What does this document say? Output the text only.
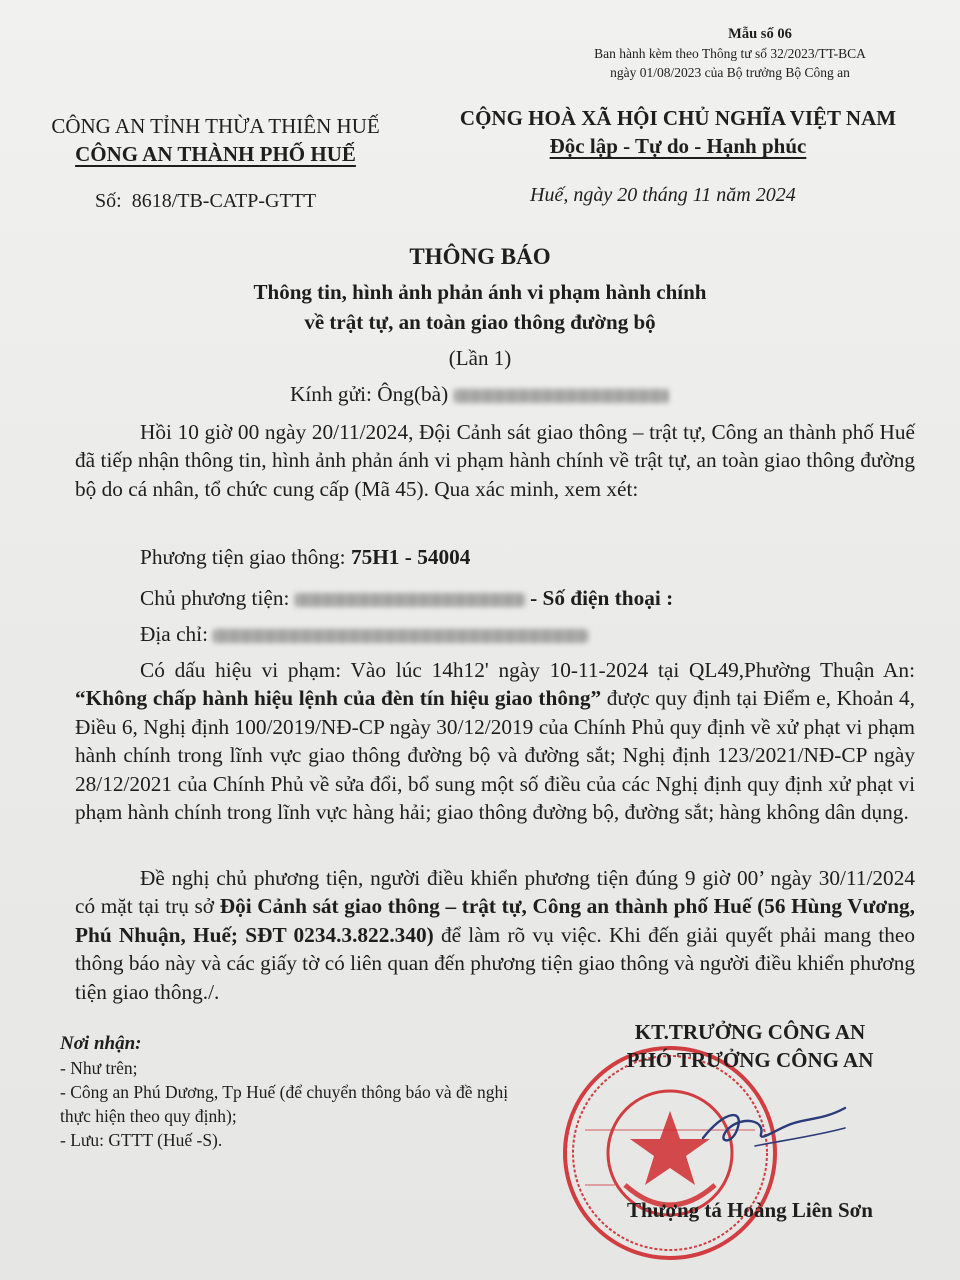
Mẫu số 06
Ban hành kèm theo Thông tư số 32/2023/TT-BCA
ngày 01/08/2023 của Bộ trưởng Bộ Công an
CÔNG AN TỈNH THỪA THIÊN HUẾ
CÔNG AN THÀNH PHỐ HUẾ
CỘNG HOÀ XÃ HỘI CHỦ NGHĨA VIỆT NAM
Độc lập - Tự do - Hạnh phúc
Số: 8618/TB-CATP-GTTT	Huế, ngày 20 tháng 11 năm 2024
THÔNG BÁO
Thông tin, hình ảnh phản ánh vi phạm hành chính
về trật tự, an toàn giao thông đường bộ
(Lần 1)
Kính gửi: Ông(bà)
Hồi 10 giờ 00 ngày 20/11/2024, Đội Cảnh sát giao thông – trật tự, Công an thành phố Huế đã tiếp nhận thông tin, hình ảnh phản ánh vi phạm hành chính về trật tự, an toàn giao thông đường bộ do cá nhân, tổ chức cung cấp (Mã 45). Qua xác minh, xem xét:
Phương tiện giao thông: 75H1 - 54004
Chủ phương tiện:	- Số điện thoại :
Địa chỉ:
Có dấu hiệu vi phạm: Vào lúc 14h12' ngày 10-11-2024 tại QL49,Phường Thuận An: “Không chấp hành hiệu lệnh của đèn tín hiệu giao thông” được quy định tại Điểm e, Khoản 4, Điều 6, Nghị định 100/2019/NĐ-CP ngày 30/12/2019 của Chính Phủ quy định về xử phạt vi phạm hành chính trong lĩnh vực giao thông đường bộ và đường sắt; Nghị định 123/2021/NĐ-CP ngày 28/12/2021 của Chính Phủ về sửa đổi, bổ sung một số điều của các Nghị định quy định xử phạt vi phạm hành chính trong lĩnh vực hàng hải; giao thông đường bộ, đường sắt; hàng không dân dụng.
Đề nghị chủ phương tiện, người điều khiển phương tiện đúng 9 giờ 00’ ngày 30/11/2024 có mặt tại trụ sở Đội Cảnh sát giao thông – trật tự, Công an thành phố Huế (56 Hùng Vương, Phú Nhuận, Huế; SĐT 0234.3.822.340) để làm rõ vụ việc. Khi đến giải quyết phải mang theo thông báo này và các giấy tờ có liên quan đến phương tiện giao thông và người điều khiển phương tiện giao thông./.
Nơi nhận:
- Như trên;
- Công an Phú Dương, Tp Huế (để chuyển thông báo và đề nghị thực hiện theo quy định);
- Lưu: GTTT (Huế -S).
KT.TRƯỞNG CÔNG AN
PHÓ TRƯỞNG CÔNG AN
Thượng tá Hoàng Liên Sơn
